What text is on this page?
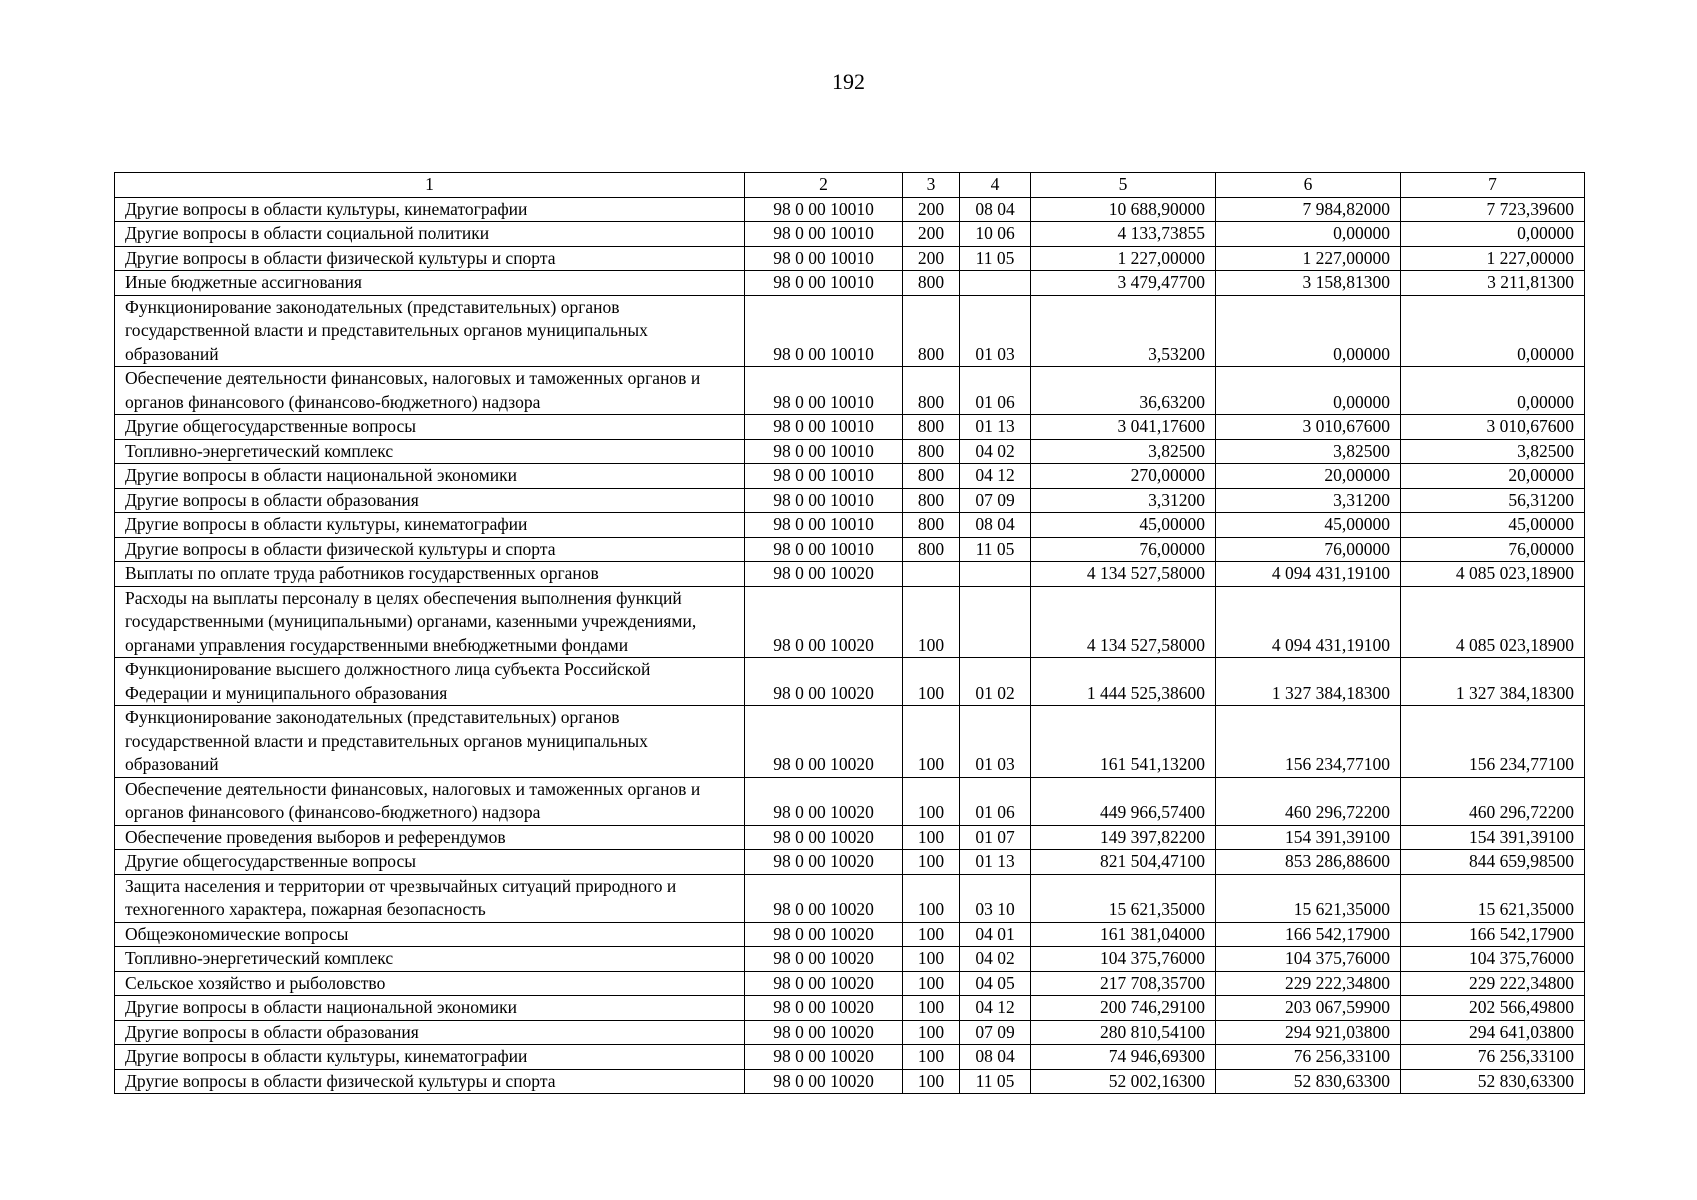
192
1	2	3	4	5	6	7
Другие вопросы в области культуры, кинематографии	98 0 00 10010	200	08 04	10 688,90000	7 984,82000	7 723,39600
Другие вопросы в области социальной политики	98 0 00 10010	200	10 06	4 133,73855	0,00000	0,00000
Другие вопросы в области физической культуры и спорта	98 0 00 10010	200	11 05	1 227,00000	1 227,00000	1 227,00000
Иные бюджетные ассигнования	98 0 00 10010	800		3 479,47700	3 158,81300	3 211,81300
Функционирование законодательных (представительных) органов государственной власти и представительных органов муниципальных образований	98 0 00 10010	800	01 03	3,53200	0,00000	0,00000
Обеспечение деятельности финансовых, налоговых и таможенных органов и органов финансового (финансово-бюджетного) надзора	98 0 00 10010	800	01 06	36,63200	0,00000	0,00000
Другие общегосударственные вопросы	98 0 00 10010	800	01 13	3 041,17600	3 010,67600	3 010,67600
Топливно-энергетический комплекс	98 0 00 10010	800	04 02	3,82500	3,82500	3,82500
Другие вопросы в области национальной экономики	98 0 00 10010	800	04 12	270,00000	20,00000	20,00000
Другие вопросы в области образования	98 0 00 10010	800	07 09	3,31200	3,31200	56,31200
Другие вопросы в области культуры, кинематографии	98 0 00 10010	800	08 04	45,00000	45,00000	45,00000
Другие вопросы в области физической культуры и спорта	98 0 00 10010	800	11 05	76,00000	76,00000	76,00000
Выплаты по оплате труда работников государственных органов	98 0 00 10020			4 134 527,58000	4 094 431,19100	4 085 023,18900
Расходы на выплаты персоналу в целях обеспечения выполнения функций государственными (муниципальными) органами, казенными учреждениями, органами управления государственными внебюджетными фондами	98 0 00 10020	100		4 134 527,58000	4 094 431,19100	4 085 023,18900
Функционирование высшего должностного лица субъекта Российской Федерации и муниципального образования	98 0 00 10020	100	01 02	1 444 525,38600	1 327 384,18300	1 327 384,18300
Функционирование законодательных (представительных) органов государственной власти и представительных органов муниципальных образований	98 0 00 10020	100	01 03	161 541,13200	156 234,77100	156 234,77100
Обеспечение деятельности финансовых, налоговых и таможенных органов и органов финансового (финансово-бюджетного) надзора	98 0 00 10020	100	01 06	449 966,57400	460 296,72200	460 296,72200
Обеспечение проведения выборов и референдумов	98 0 00 10020	100	01 07	149 397,82200	154 391,39100	154 391,39100
Другие общегосударственные вопросы	98 0 00 10020	100	01 13	821 504,47100	853 286,88600	844 659,98500
Защита населения и территории от чрезвычайных ситуаций природного и техногенного характера, пожарная безопасность	98 0 00 10020	100	03 10	15 621,35000	15 621,35000	15 621,35000
Общеэкономические вопросы	98 0 00 10020	100	04 01	161 381,04000	166 542,17900	166 542,17900
Топливно-энергетический комплекс	98 0 00 10020	100	04 02	104 375,76000	104 375,76000	104 375,76000
Сельское хозяйство и рыболовство	98 0 00 10020	100	04 05	217 708,35700	229 222,34800	229 222,34800
Другие вопросы в области национальной экономики	98 0 00 10020	100	04 12	200 746,29100	203 067,59900	202 566,49800
Другие вопросы в области образования	98 0 00 10020	100	07 09	280 810,54100	294 921,03800	294 641,03800
Другие вопросы в области культуры, кинематографии	98 0 00 10020	100	08 04	74 946,69300	76 256,33100	76 256,33100
Другие вопросы в области физической культуры и спорта	98 0 00 10020	100	11 05	52 002,16300	52 830,63300	52 830,63300
